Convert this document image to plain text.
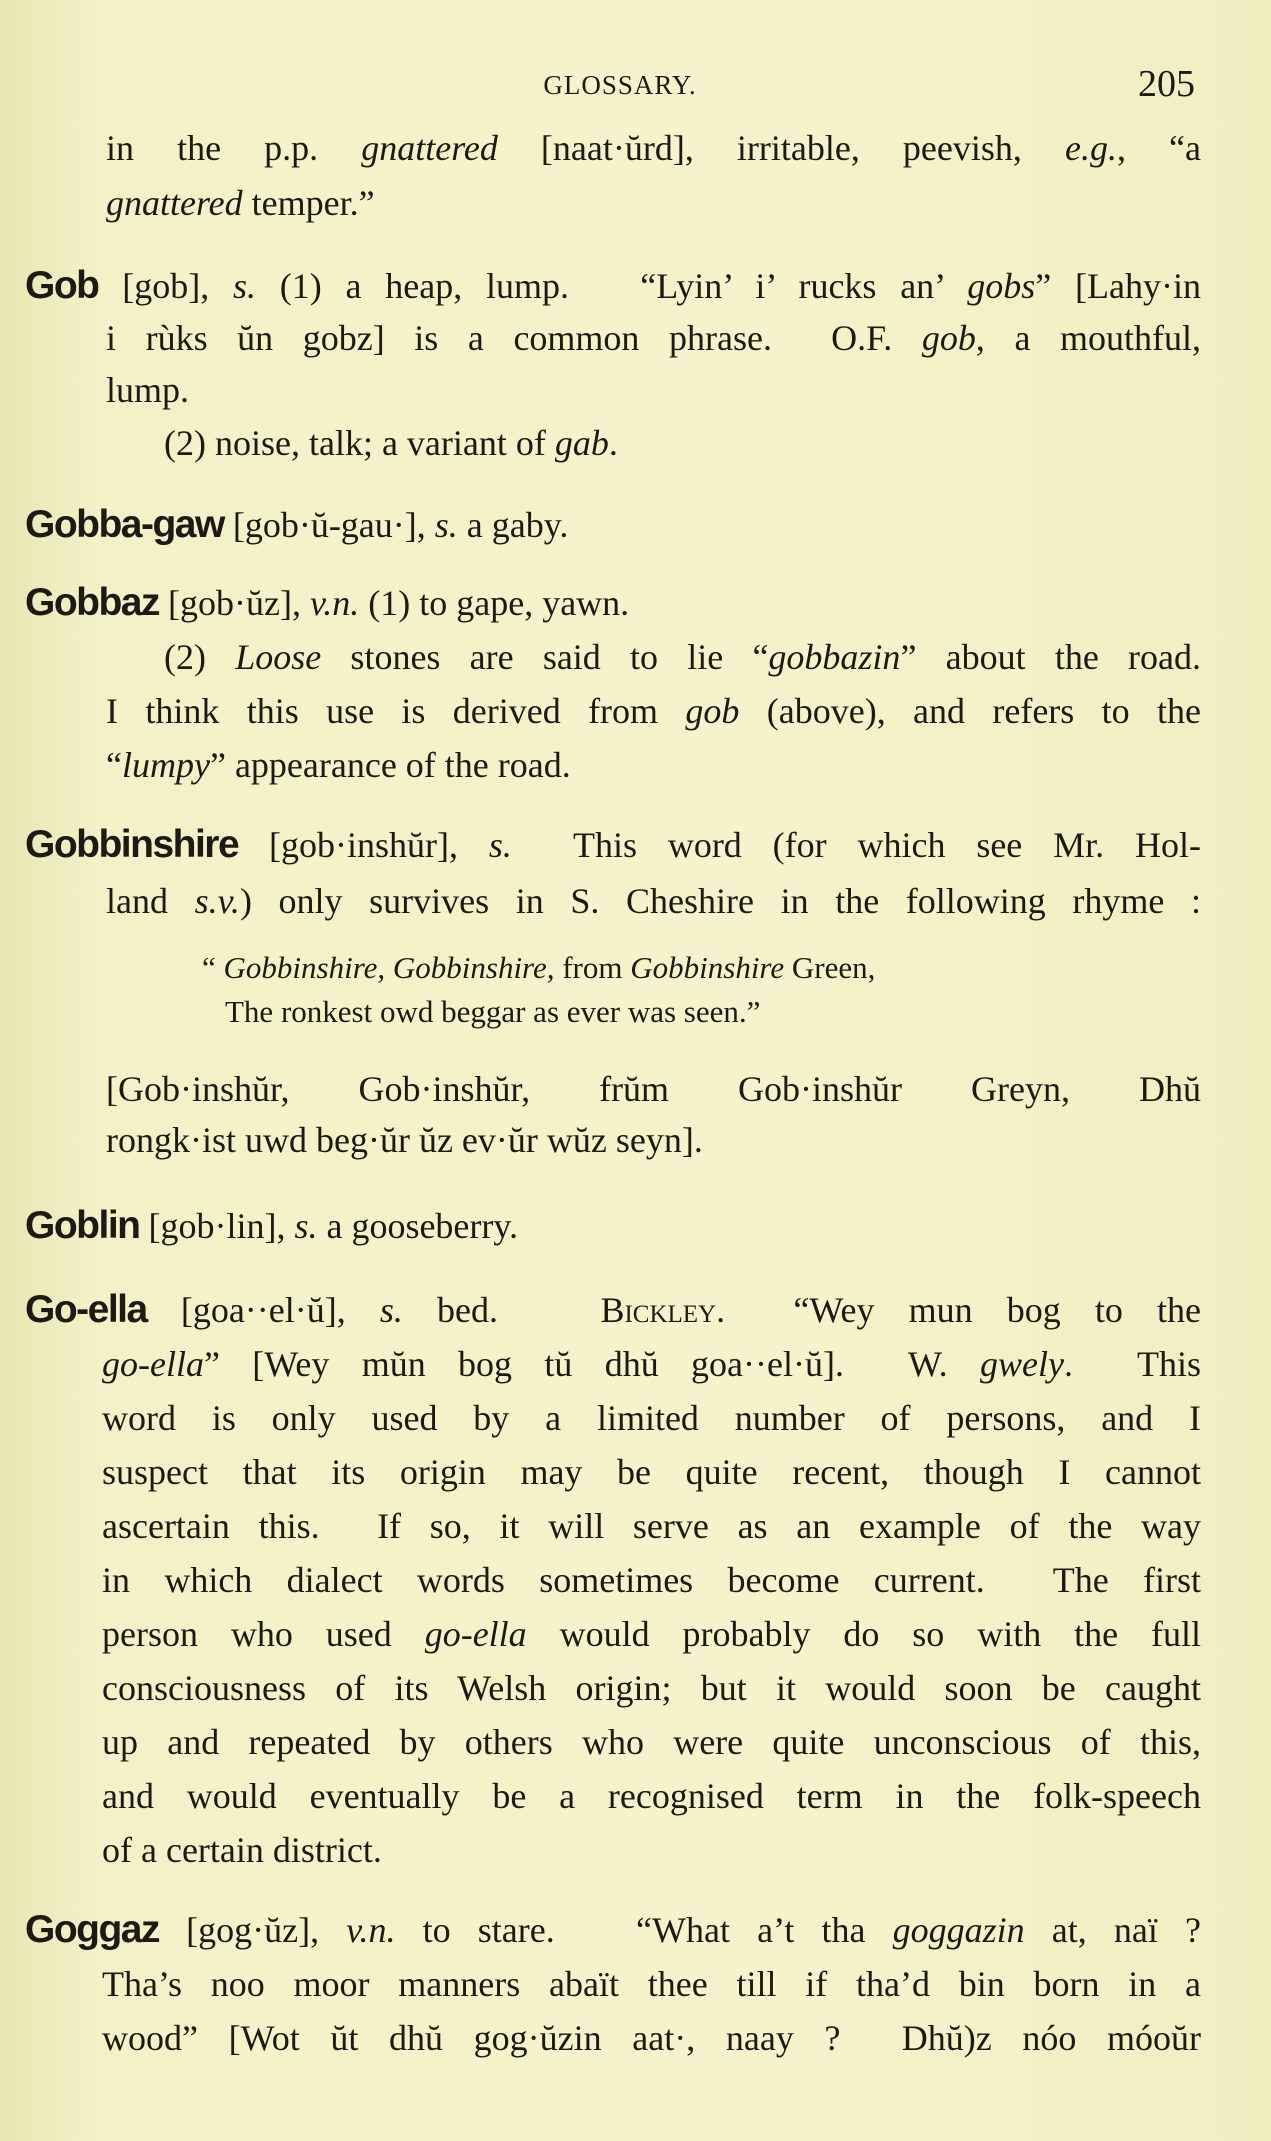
GLOSSARY.	205
in the p.p. gnattered [naat·ŭrd], irritable, peevish, e.g., “a
gnattered temper.”
Gob [gob], s. (1) a heap, lump.   “Lyin’ i’ rucks an’ gobs” [Lahy·in
i rùks ŭn gobz] is a common phrase.  O.F. gob, a mouthful,
lump.
(2) noise, talk; a variant of gab.
Gobba-gaw [gob·ŭ-gau·], s. a gaby.
Gobbaz [gob·ŭz], v.n. (1) to gape, yawn.
(2) Loose stones are said to lie “gobbazin” about the road.
I think this use is derived from gob (above), and refers to the
“lumpy” appearance of the road.
Gobbinshire [gob·inshŭr], s.  This word (for which see Mr. Hol-
land s.v.) only survives in S. Cheshire in the following rhyme :
“ Gobbinshire, Gobbinshire, from Gobbinshire Green,
The ronkest owd beggar as ever was seen.”
[Gob·inshŭr, Gob·inshŭr, frŭm Gob·inshŭr Greyn, Dhŭ
rongk·ist uwd beg·ŭr ŭz ev·ŭr wŭz seyn].
Goblin [gob·lin], s. a gooseberry.
Go-ella [goa··el·ŭ], s. bed.   Bickley.  “Wey mun bog to the
go-ella” [Wey mŭn bog tŭ dhŭ goa··el·ŭ].  W. gwely.  This
word is only used by a limited number of persons, and I
suspect that its origin may be quite recent, though I cannot
ascertain this.  If so, it will serve as an example of the way
in which dialect words sometimes become current.  The first
person who used go-ella would probably do so with the full
consciousness of its Welsh origin; but it would soon be caught
up and repeated by others who were quite unconscious of this,
and would eventually be a recognised term in the folk-speech
of a certain district.
Goggaz [gog·ŭz], v.n. to stare.   “What a’t tha goggazin at, naï ?
Tha’s noo moor manners abaït thee till if tha’d bin born in a
wood” [Wot ŭt dhŭ gog·ŭzin aat·, naay ?  Dhŭ)z nóo móoŭr
